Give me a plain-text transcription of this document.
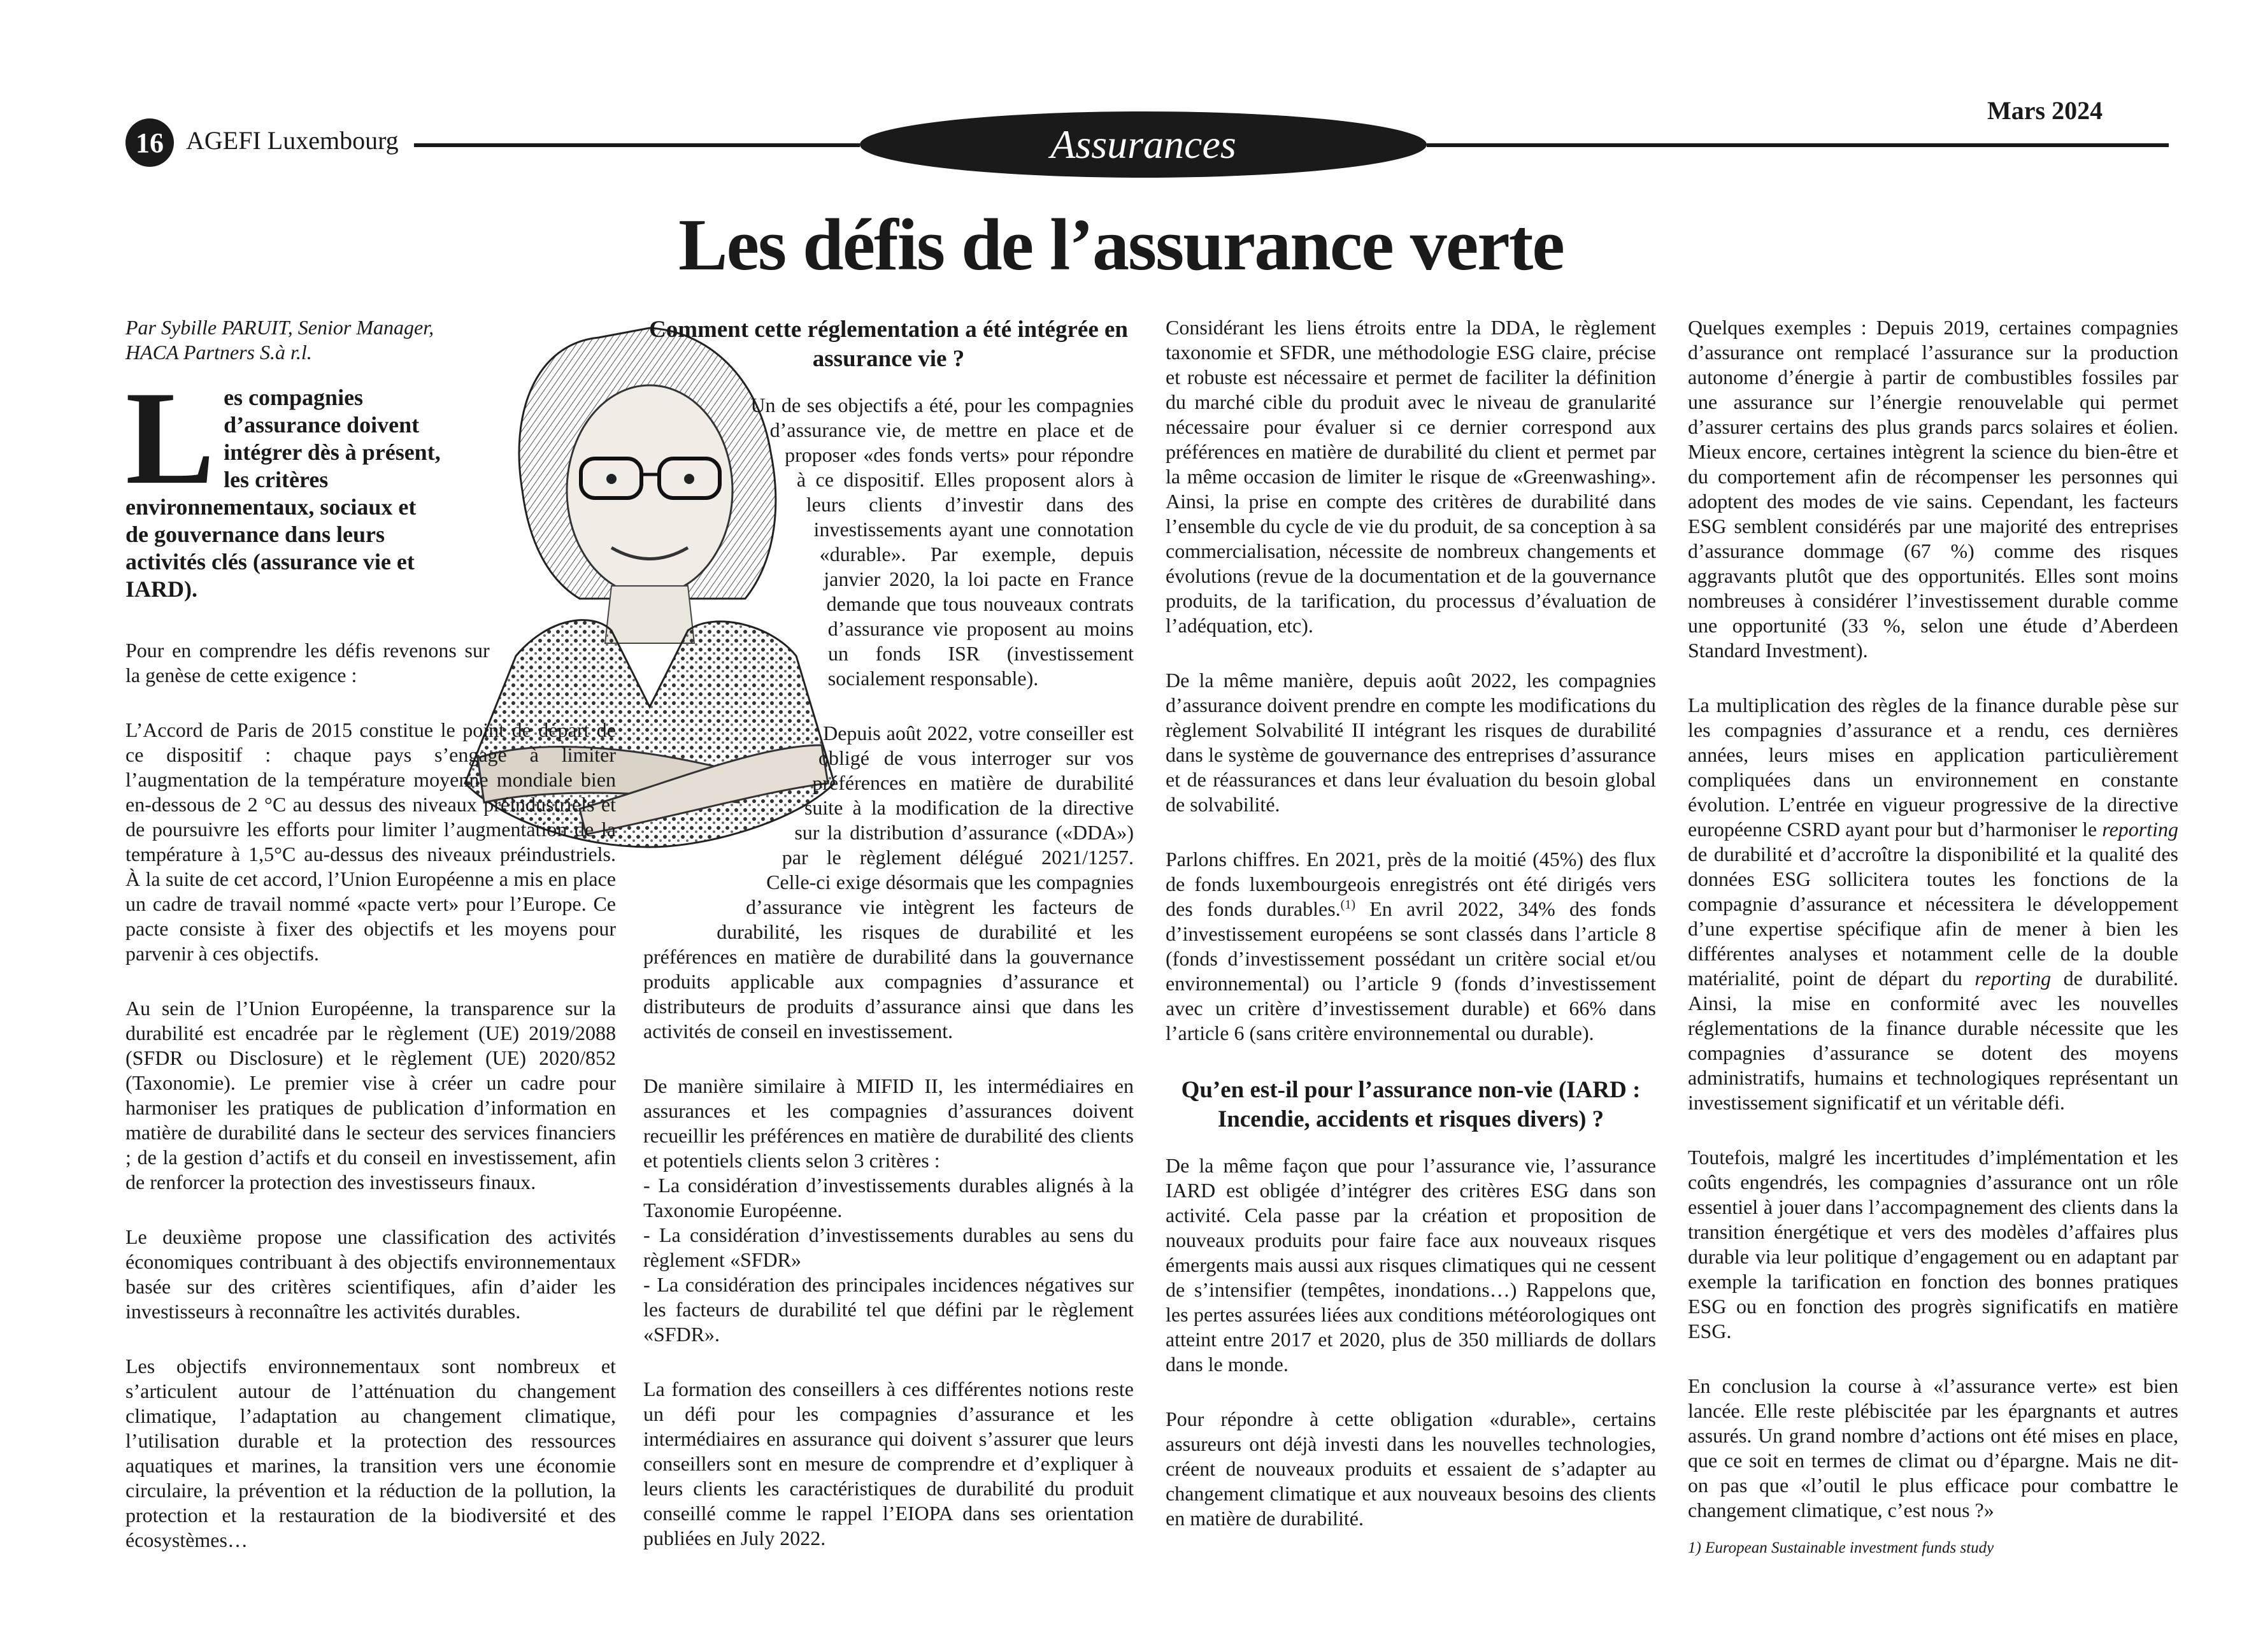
16 AGEFI Luxembourg	Assurances
Mars 2024
Les défis de l’assurance verte

Par Sybille PARUIT, Senior Manager, HACA Partners S.à r.l.

Les compagnies d’assurance doivent intégrer dès à présent, les critères environnementaux, sociaux et de gouvernance dans leurs activités clés (assurance vie et IARD).

Pour en comprendre les défis revenons sur la genèse de cette exigence :

L’Accord de Paris de 2015 constitue le point de départ de ce dispositif : chaque pays s’engage à limiter l’augmentation de la température moyenne mondiale bien en-dessous de 2 °C au dessus des niveaux préindustriels et de poursuivre les efforts pour limiter l’augmentation de la température à 1,5°C au-dessus des niveaux préindustriels. À la suite de cet accord, l’Union Européenne a mis en place un cadre de travail nommé «pacte vert» pour l’Europe. Ce pacte consiste à fixer des objectifs et les moyens pour parvenir à ces objectifs.

Au sein de l’Union Européenne, la transparence sur la durabilité est encadrée par le règlement (UE) 2019/2088 (SFDR ou Disclosure) et le règlement (UE) 2020/852 (Taxonomie). Le premier vise à créer un cadre pour harmoniser les pratiques de publication d’information en matière de durabilité dans le secteur des services financiers ; de la gestion d’actifs et du conseil en investissement, afin de renforcer la protection des investisseurs finaux.

Le deuxième propose une classification des activités économiques contribuant à des objectifs environnementaux basée sur des critères scientifiques, afin d’aider les investisseurs à reconnaître les activités durables.

Les objectifs environnementaux sont nombreux et s’articulent autour de l’atténuation du changement climatique, l’adaptation au changement climatique, l’utilisation durable et la protection des ressources aquatiques et marines, la transition vers une économie circulaire, la prévention et la réduction de la pollution, la protection et la restauration de la biodiversité et des écosystèmes…

Comment cette réglementation a été intégrée en assurance vie ?

Un de ses objectifs a été, pour les compagnies d’assurance vie, de mettre en place et de proposer «des fonds verts» pour répondre à ce dispositif. Elles proposent alors à leurs clients d’investir dans des investissements ayant une connotation «durable». Par exemple, depuis janvier 2020, la loi pacte en France demande que tous nouveaux contrats d’assurance vie proposent au moins un fonds ISR (investissement socialement responsable).

Depuis août 2022, votre conseiller est obligé de vous interroger sur vos préférences en matière de durabilité suite à la modification de la directive sur la distribution d’assurance («DDA») par le règlement délégué 2021/1257. Celle-ci exige désormais que les compagnies d’assurance vie intègrent les facteurs de durabilité, les risques de durabilité et les préférences en matière de durabilité dans la gouvernance produits applicable aux compagnies d’assurance et distributeurs de produits d’assurance ainsi que dans les activités de conseil en investissement.

De manière similaire à MIFID II, les intermédiaires en assurances et les compagnies d’assurances doivent recueillir les préférences en matière de durabilité des clients et potentiels clients selon 3 critères :

- La considération d’investissements durables alignés à la Taxonomie Européenne.

- La considération d’investissements durables au sens du règlement «SFDR»

- La considération des principales incidences négatives sur les facteurs de durabilité tel que défini par le règlement «SFDR».

La formation des conseillers à ces différentes notions reste un défi pour les compagnies d’assurance et les intermédiaires en assurance qui doivent s’assurer que leurs conseillers sont en mesure de comprendre et d’expliquer à leurs clients les caractéristiques de durabilité du produit conseillé comme le rappel l’EIOPA dans ses orientation publiées en July 2022.

Considérant les liens étroits entre la DDA, le règlement taxonomie et SFDR, une méthodologie ESG claire, précise et robuste est nécessaire et permet de faciliter la définition du marché cible du produit avec le niveau de granularité nécessaire pour évaluer si ce dernier correspond aux préférences en matière de durabilité du client et permet par la même occasion de limiter le risque de «Greenwashing». Ainsi, la prise en compte des critères de durabilité dans l’ensemble du cycle de vie du produit, de sa conception à sa commercialisation, nécessite de nombreux changements et évolutions (revue de la documentation et de la gouvernance produits, de la tarification, du processus d’évaluation de l’adéquation, etc).

De la même manière, depuis août 2022, les compagnies d’assurance doivent prendre en compte les modifications du règlement Solvabilité II intégrant les risques de durabilité dans le système de gouvernance des entreprises d’assurance et de réassurances et dans leur évaluation du besoin global de solvabilité.

Parlons chiffres. En 2021, près de la moitié (45%) des flux de fonds luxembourgeois enregistrés ont été dirigés vers des fonds durables.$^{(1)}$ En avril 2022, 34% des fonds d’investissement européens se sont classés dans l’article 8 (fonds d’investissement possédant un critère social et/ou environnemental) ou l’article 9 (fonds d’investissement avec un critère d’investissement durable) et 66% dans l’article 6 (sans critère environnemental ou durable).

Qu’en est-il pour l’assurance non-vie (IARD : Incendie, accidents et risques divers) ?

De la même façon que pour l’assurance vie, l’assurance IARD est obligée d’intégrer des critères ESG dans son activité. Cela passe par la création et proposition de nouveaux produits pour faire face aux nouveaux risques émergents mais aussi aux risques climatiques qui ne cessent de s’intensifier (tempêtes, inondations…) Rappelons que, les pertes assurées liées aux conditions météorologiques ont atteint entre 2017 et 2020, plus de 350 milliards de dollars dans le monde.

Pour répondre à cette obligation «durable», certains assureurs ont déjà investi dans les nouvelles technologies, créent de nouveaux produits et essaient de s’adapter au changement climatique et aux nouveaux besoins des clients en matière de durabilité.

Quelques exemples : Depuis 2019, certaines compagnies d’assurance ont remplacé l’assurance sur la production autonome d’énergie à partir de combustibles fossiles par une assurance sur l’énergie renouvelable qui permet d’assurer certains des plus grands parcs solaires et éolien. Mieux encore, certaines intègrent la science du bien-être et du comportement afin de récompenser les personnes qui adoptent des modes de vie sains. Cependant, les facteurs ESG semblent considérés par une majorité des entreprises d’assurance dommage (67 %) comme des risques aggravants plutôt que des opportunités. Elles sont moins nombreuses à considérer l’investissement durable comme une opportunité (33 %, selon une étude d’Aberdeen Standard Investment).

La multiplication des règles de la finance durable pèse sur les compagnies d’assurance et a rendu, ces dernières années, leurs mises en application particulièrement compliquées dans un environnement en constante évolution. L’entrée en vigueur progressive de la directive européenne CSRD ayant pour but d’harmoniser le reporting de durabilité et d’accroître la disponibilité et la qualité des données ESG sollicitera toutes les fonctions de la compagnie d’assurance et nécessitera le développement d’une expertise spécifique afin de mener à bien les différentes analyses et notamment celle de la double matérialité, point de départ du reporting de durabilité. Ainsi, la mise en conformité avec les nouvelles réglementations de la finance durable nécessite que les compagnies d’assurance se dotent des moyens administratifs, humains et technologiques représentant un investissement significatif et un véritable défi.

Toutefois, malgré les incertitudes d’implémentation et les coûts engendrés, les compagnies d’assurance ont un rôle essentiel à jouer dans l’accompagnement des clients dans la transition énergétique et vers des modèles d’affaires plus durable via leur politique d’engagement ou en adaptant par exemple la tarification en fonction des bonnes pratiques ESG ou en fonction des progrès significatifs en matière ESG.

En conclusion la course à «l’assurance verte» est bien lancée. Elle reste plébiscitée par les épargnants et autres assurés. Un grand nombre d’actions ont été mises en place, que ce soit en termes de climat ou d’épargne. Mais ne dit-on pas que «l’outil le plus efficace pour combattre le changement climatique, c’est nous ?»

1) European Sustainable investment funds study
